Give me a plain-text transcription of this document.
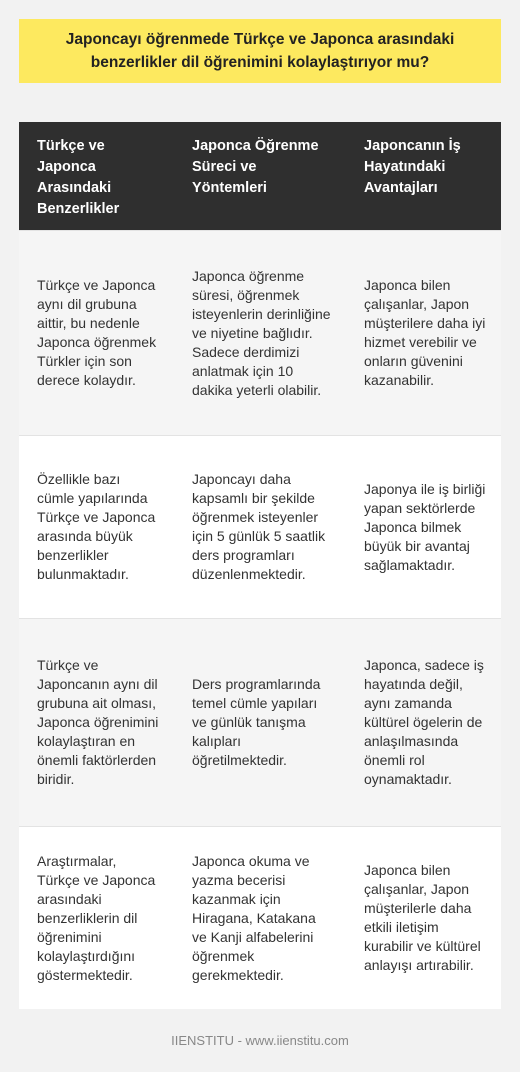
Japoncayı öğrenmede Türkçe ve Japonca arasındaki benzerlikler dil öğrenimini kolaylaştırıyor mu?
Türkçe ve Japonca Arasındaki Benzerlikler
Japonca Öğrenme Süreci ve Yöntemleri
Japoncanın İş Hayatındaki Avantajları
Türkçe ve Japonca aynı dil grubuna aittir, bu nedenle Japonca öğrenmek Türkler için son derece kolaydır.
Japonca öğrenme süresi, öğrenmek isteyenlerin derinliğine ve niyetine bağlıdır. Sadece derdimizi anlatmak için 10 dakika yeterli olabilir.
Japonca bilen çalışanlar, Japon müşterilere daha iyi hizmet verebilir ve onların güvenini kazanabilir.
Özellikle bazı cümle yapılarında Türkçe ve Japonca arasında büyük benzerlikler bulunmaktadır.
Japoncayı daha kapsamlı bir şekilde öğrenmek isteyenler için 5 günlük 5 saatlik ders programları düzenlenmektedir.
Japonya ile iş birliği yapan sektörlerde Japonca bilmek büyük bir avantaj sağlamaktadır.
Türkçe ve Japoncanın aynı dil grubuna ait olması, Japonca öğrenimini kolaylaştıran en önemli faktörlerden biridir.
Ders programlarında temel cümle yapıları ve günlük tanışma kalıpları öğretilmektedir.
Japonca, sadece iş hayatında değil, aynı zamanda kültürel ögelerin de anlaşılmasında önemli rol oynamaktadır.
Araştırmalar, Türkçe ve Japonca arasındaki benzerliklerin dil öğrenimini kolaylaştırdığını göstermektedir.
Japonca okuma ve yazma becerisi kazanmak için Hiragana, Katakana ve Kanji alfabelerini öğrenmek gerekmektedir.
Japonca bilen çalışanlar, Japon müşterilerle daha etkili iletişim kurabilir ve kültürel anlayışı artırabilir.
IIENSTITU - www.iienstitu.com
